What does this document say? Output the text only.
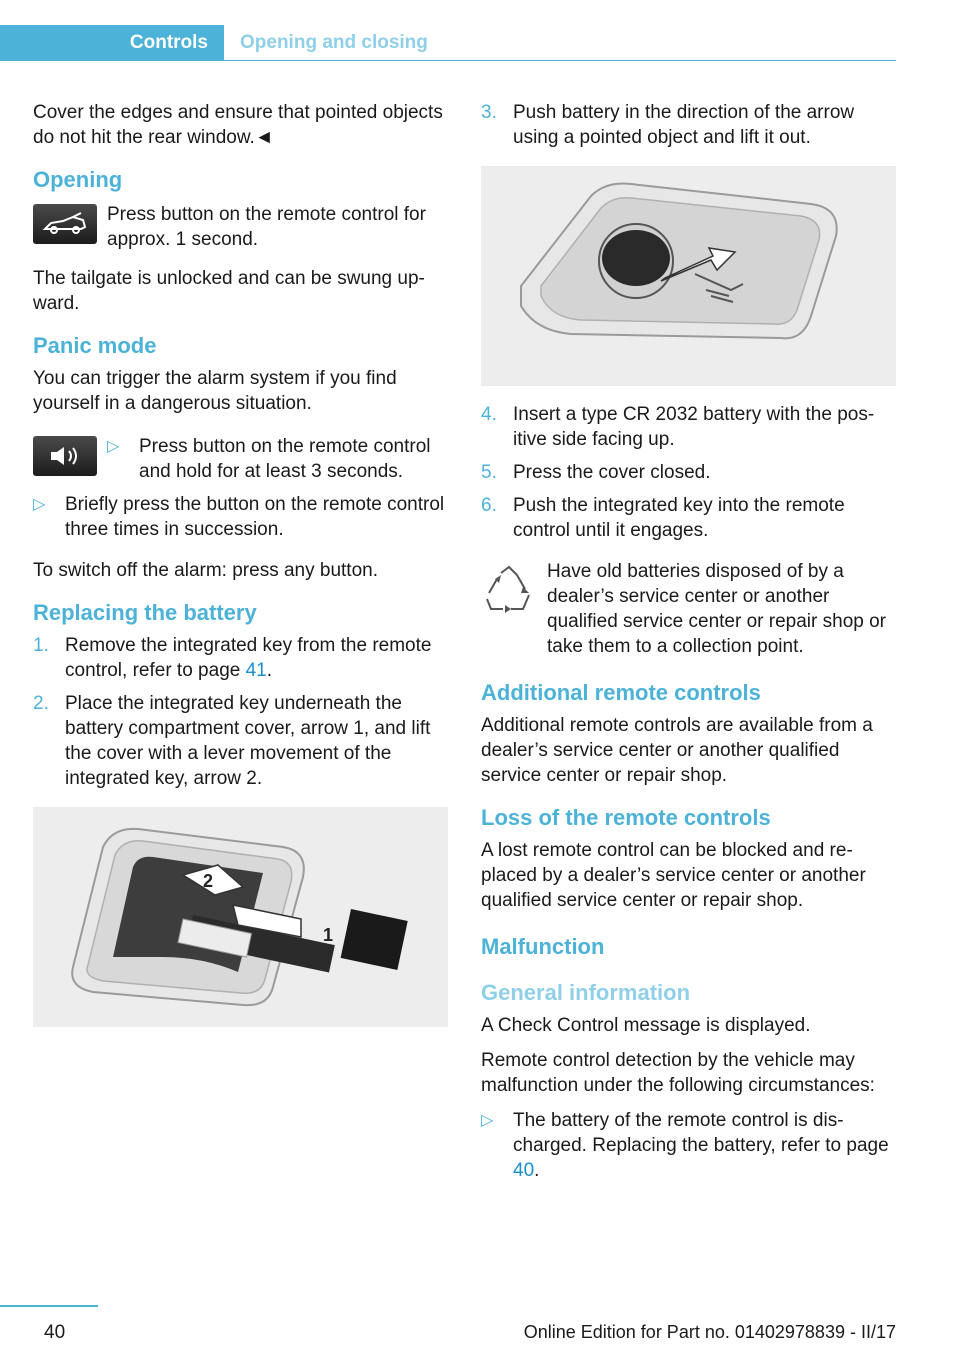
Controls Opening and closing

Cover the edges and ensure that pointed objects do not hit the rear window.◄

Opening
Press button on the remote control for approx. 1 second.

The tailgate is unlocked and can be swung upward.

Panic mode

You can trigger the alarm system if you find yourself in a dangerous situation.

▷	Press button on the remote control and hold for at least 3 seconds.
▷	Briefly press the button on the remote control three times in succession.

To switch off the alarm: press any button.

Replacing the battery
1. Remove the integrated key from the remote control, refer to page 41.
2. Place the integrated key underneath the battery compartment cover, arrow 1, and lift the cover with a lever movement of the integrated key, arrow 2.
2
1
3. Push battery in the direction of the arrow using a pointed object and lift it out.
4. Insert a type CR 2032 battery with the positive side facing up.
5. Press the cover closed.
6. Push the integrated key into the remote control until it engages.
Have old batteries disposed of by a dealer’s service center or another qualified service center or repair shop or take them to a collection point.
Additional remote controls

Additional remote controls are available from a dealer’s service center or another qualified service center or repair shop.

Loss of the remote controls

A lost remote control can be blocked and replaced by a dealer’s service center or another qualified service center or repair shop.

Malfunction
General information

A Check Control message is displayed.

Remote control detection by the vehicle may malfunction under the following circumstances:

▷	The battery of the remote control is discharged. Replacing the battery, refer to page 40.
40	Online Edition for Part no. 01402978839 - II/17
